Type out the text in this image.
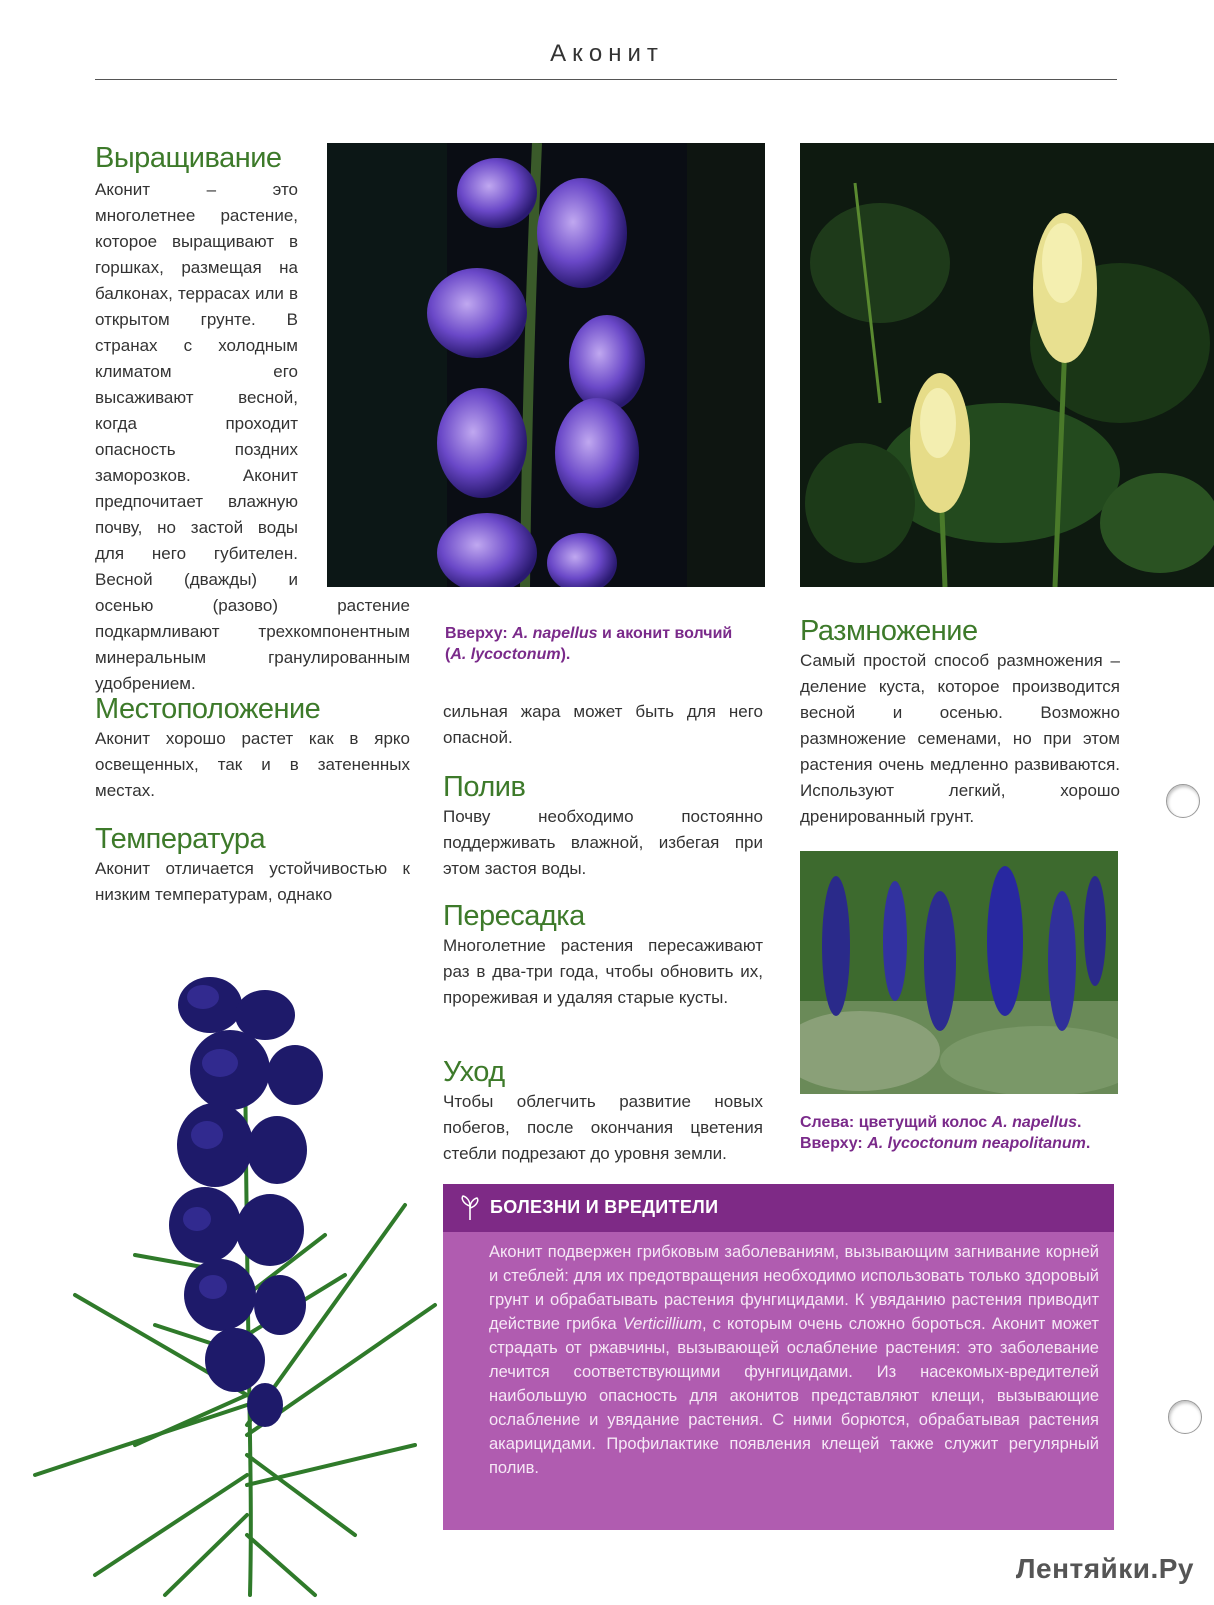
Аконит
Выращивание

Аконит – это многолетнее растение, которое выращивают в горшках, размещая на балконах, террасах или в открытом грунте. В странах с холодным климатом его высаживают весной, когда проходит опасность поздних заморозков. Аконит предпочитает влажную почву, но застой воды для него губителен. Весной (дважды) и осенью (разово) растение подкармливают трехкомпонентным минеральным гранулированным удобрением.

Местоположение

Аконит хорошо растет как в ярко освещенных, так и в затененных местах.

Температура

Аконит отличается устойчивостью к низким температурам, однако

Вверху: A. napellus и аконит волчий (A. lycoctonum).

сильная жара может быть для него опасной.

Полив

Почву необходимо постоянно поддерживать влажной, избегая при этом застоя воды.

Пересадка

Многолетние растения пересаживают раз в два-три года, чтобы обновить их, прореживая и удаляя старые кусты.

Уход

Чтобы облегчить развитие новых побегов, после окончания цветения стебли подрезают до уровня земли.

Размножение

Самый простой способ размножения – деление куста, которое производится весной и осенью. Возможно размножение семенами, но при этом растения очень медленно развиваются. Используют легкий, хорошо дренированный грунт.

Слева: цветущий колос A. napellus. Вверху: A. lycoctonum neapolitanum.

БОЛЕЗНИ И ВРЕДИТЕЛИ

Аконит подвержен грибковым заболеваниям, вызывающим загнивание корней и стеблей: для их предотвращения необходимо использовать только здоровый грунт и обрабатывать растения фунгицидами. К увяданию растения приводит действие грибка Verticillium, с которым очень сложно бороться. Аконит может страдать от ржавчины, вызывающей ослабление растения: это заболевание лечится соответствующими фунгицидами. Из насекомых-вредителей наибольшую опасность для аконитов представляют клещи, вызывающие ослабление и увядание растения. С ними борются, обрабатывая растения акарицидами. Профилактике появления клещей также служит регулярный полив.

Лентяйки.Ру
